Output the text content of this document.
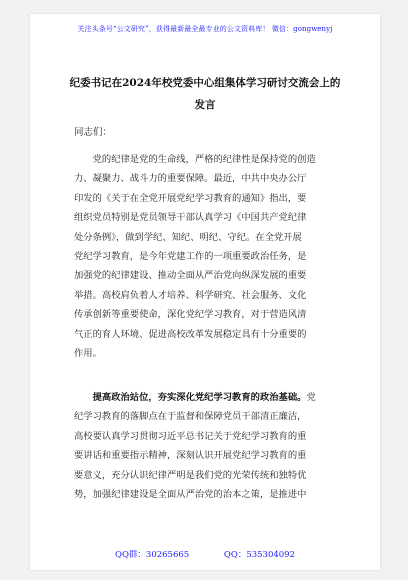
关注头条号“公文研究”，获得最新最全最专业的公文资料库！ 微信：gongwenyj
纪委书记在2024年校党委中心组集体学习研讨交流会上的
发言
同志们：
党的纪律是党的生命线，严格的纪律性是保持党的创造
力、凝聚力、战斗力的重要保障。最近，中共中央办公厅
印发的《关于在全党开展党纪学习教育的通知》指出，要
组织党员特别是党员领导干部认真学习《中国共产党纪律
处分条例》，做到学纪、知纪、明纪、守纪。在全党开展
党纪学习教育，是今年党建工作的一项重要政治任务，是
加强党的纪律建设、推动全面从严治党向纵深发展的重要
举措。高校肩负着人才培养、科学研究、社会服务、文化
传承创新等重要使命，深化党纪学习教育，对于营造风清
气正的育人环境、促进高校改革发展稳定具有十分重要的
作用。
提高政治站位，夯实深化党纪学习教育的政治基础。党
纪学习教育的落脚点在于监督和保障党员干部清正廉洁，
高校要认真学习贯彻习近平总书记关于党纪学习教育的重
要讲话和重要指示精神，深刻认识开展党纪学习教育的重
要意义，充分认识纪律严明是我们党的光荣传统和独特优
势，加强纪律建设是全面从严治党的治本之策，是推进中
QQ群：30265665	QQ：535304092
